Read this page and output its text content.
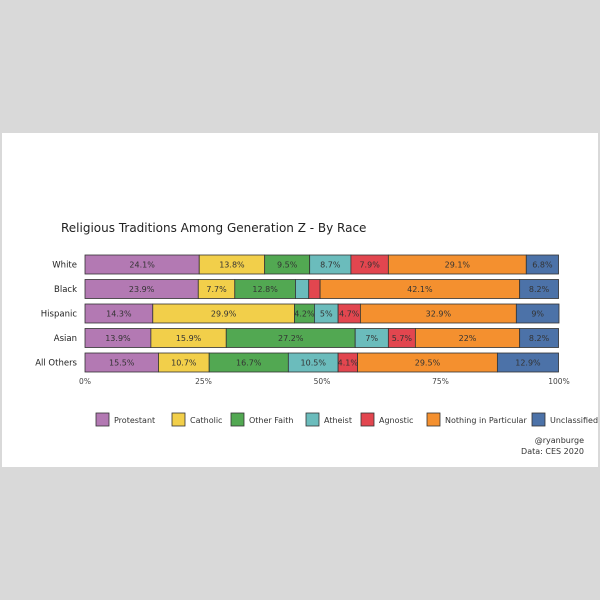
Religious Traditions Among Generation Z - By Race
White	24.1%	13.8%	9.5%	8.7% 7.9%	29.1%	6.8%
Black	23.9%	7.7%	12.8%	42.1%	8.2%
Hispanic	14.3%	29.9%	4.2% 5% 4.7%	32.9%	9%
Asian	13.9%	15.9%	27.2%	7% 5.7%	22%	8.2%
All Others	15.5%	10.7%	16.7%	10.5% 4.1%	29.5%	12.9%
0%	25%	50%	75%	100%
Protestant	Catholic	Other Faith	Atheist	Agnostic	Nothing in Particular	Unclassified
@ryanburge
Data: CES 2020
